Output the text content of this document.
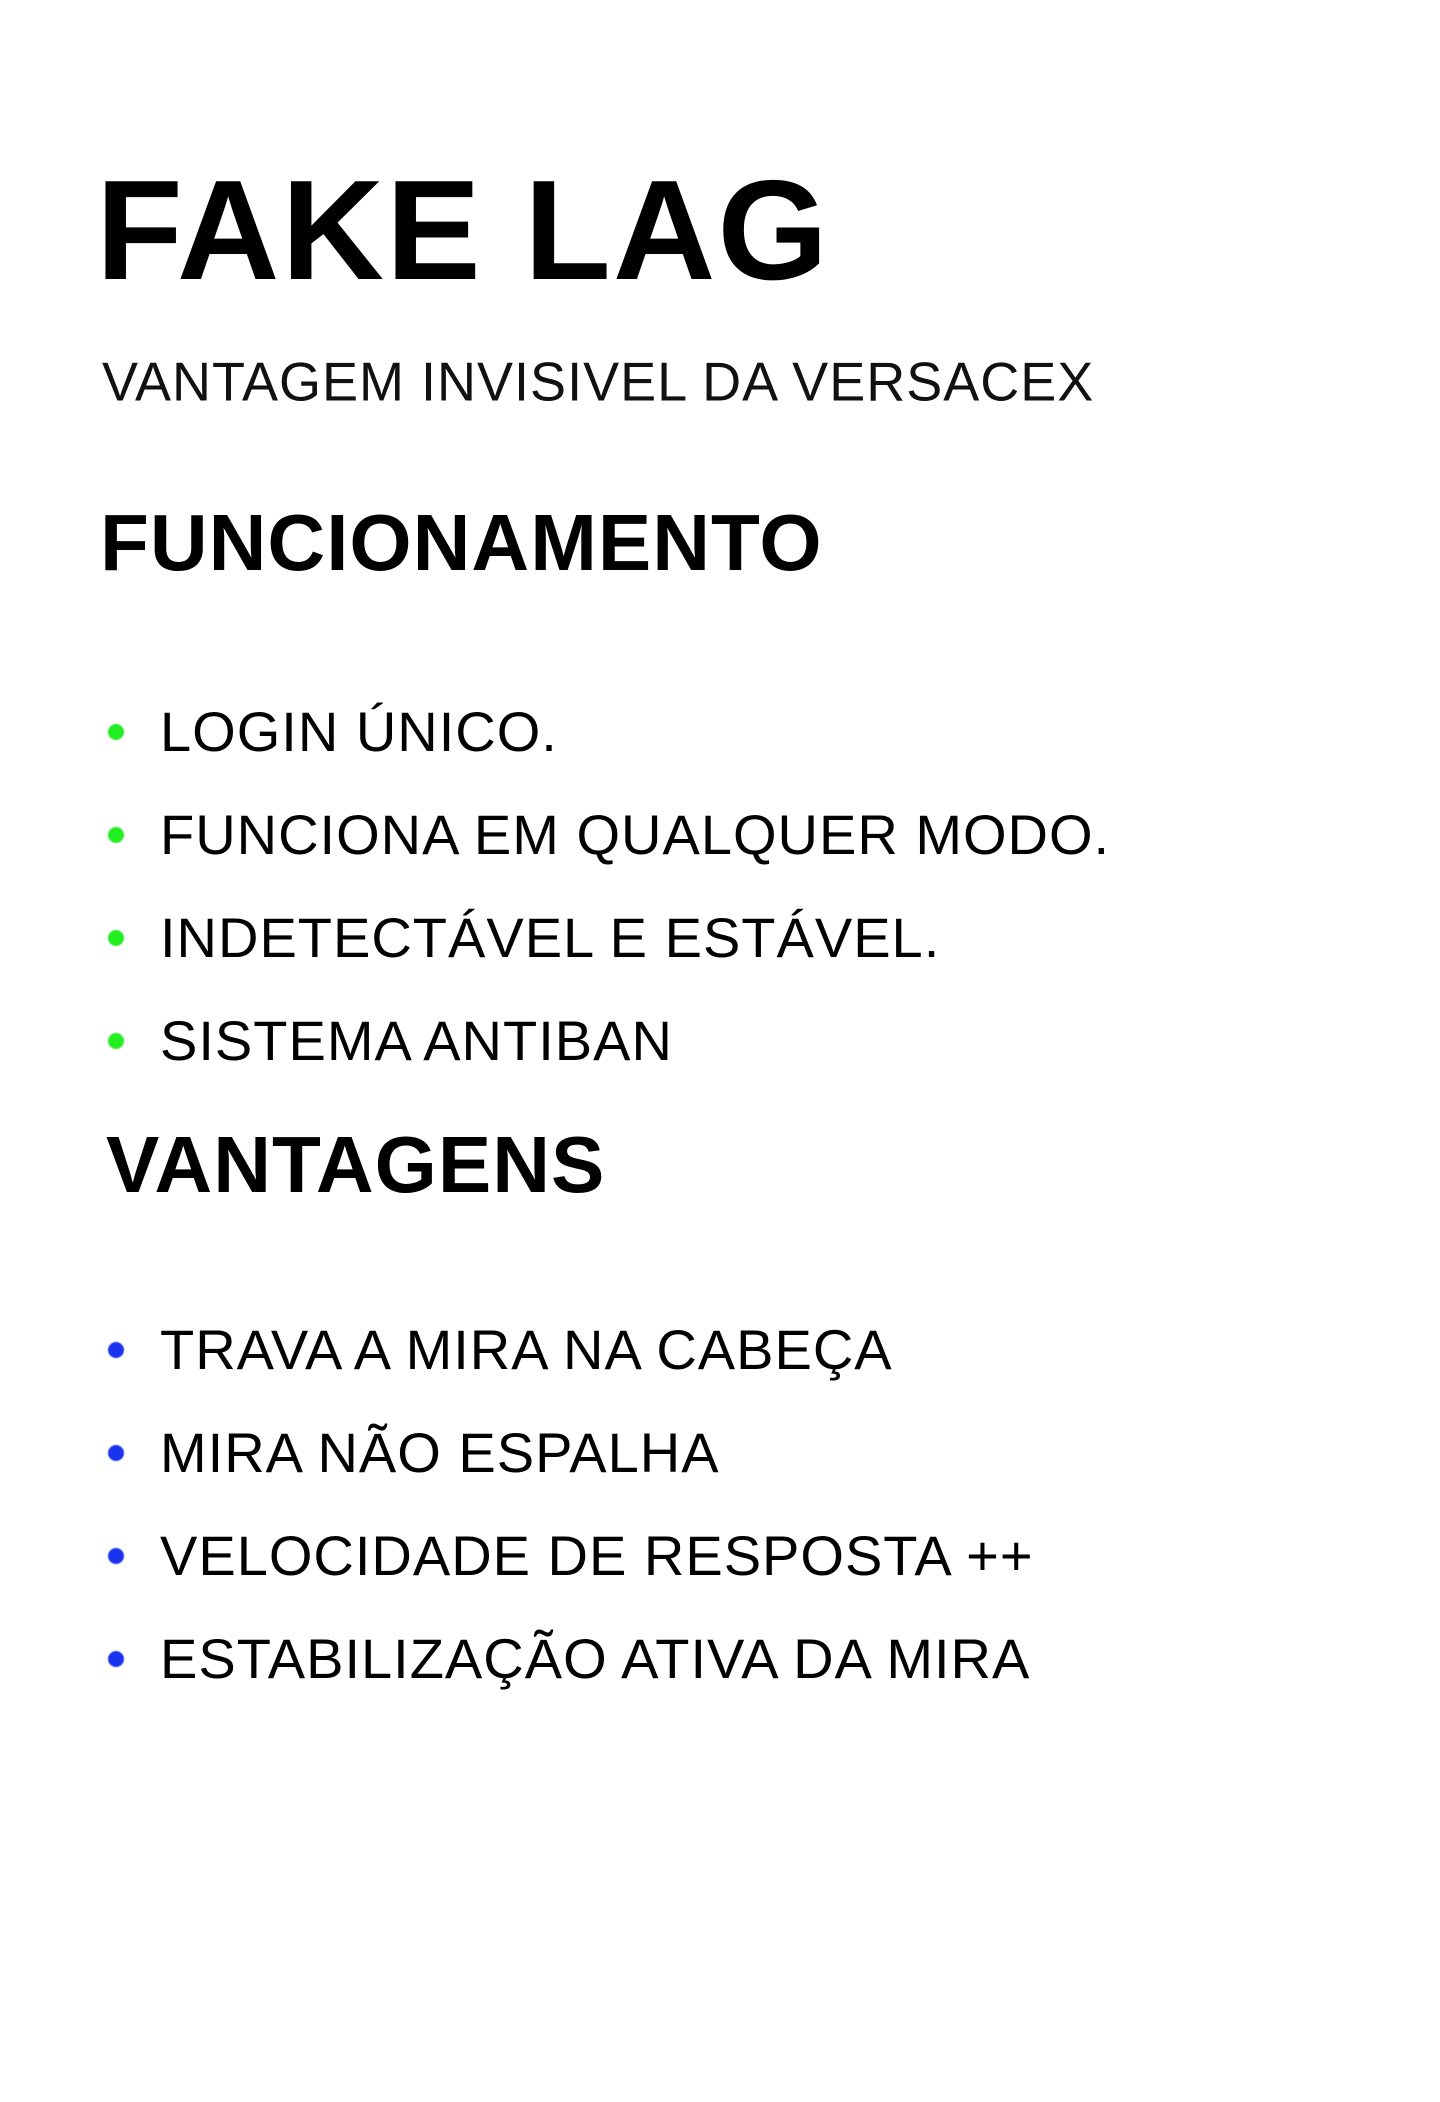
FAKE LAG

VANTAGEM INVISIVEL DA VERSACEX

FUNCIONAMENTO
LOGIN ÚNICO.
FUNCIONA EM QUALQUER MODO.
INDETECTÁVEL E ESTÁVEL.
SISTEMA ANTIBAN
VANTAGENS
TRAVA A MIRA NA CABEÇA
MIRA NÃO ESPALHA
VELOCIDADE DE RESPOSTA ++
ESTABILIZAÇÃO ATIVA DA MIRA
